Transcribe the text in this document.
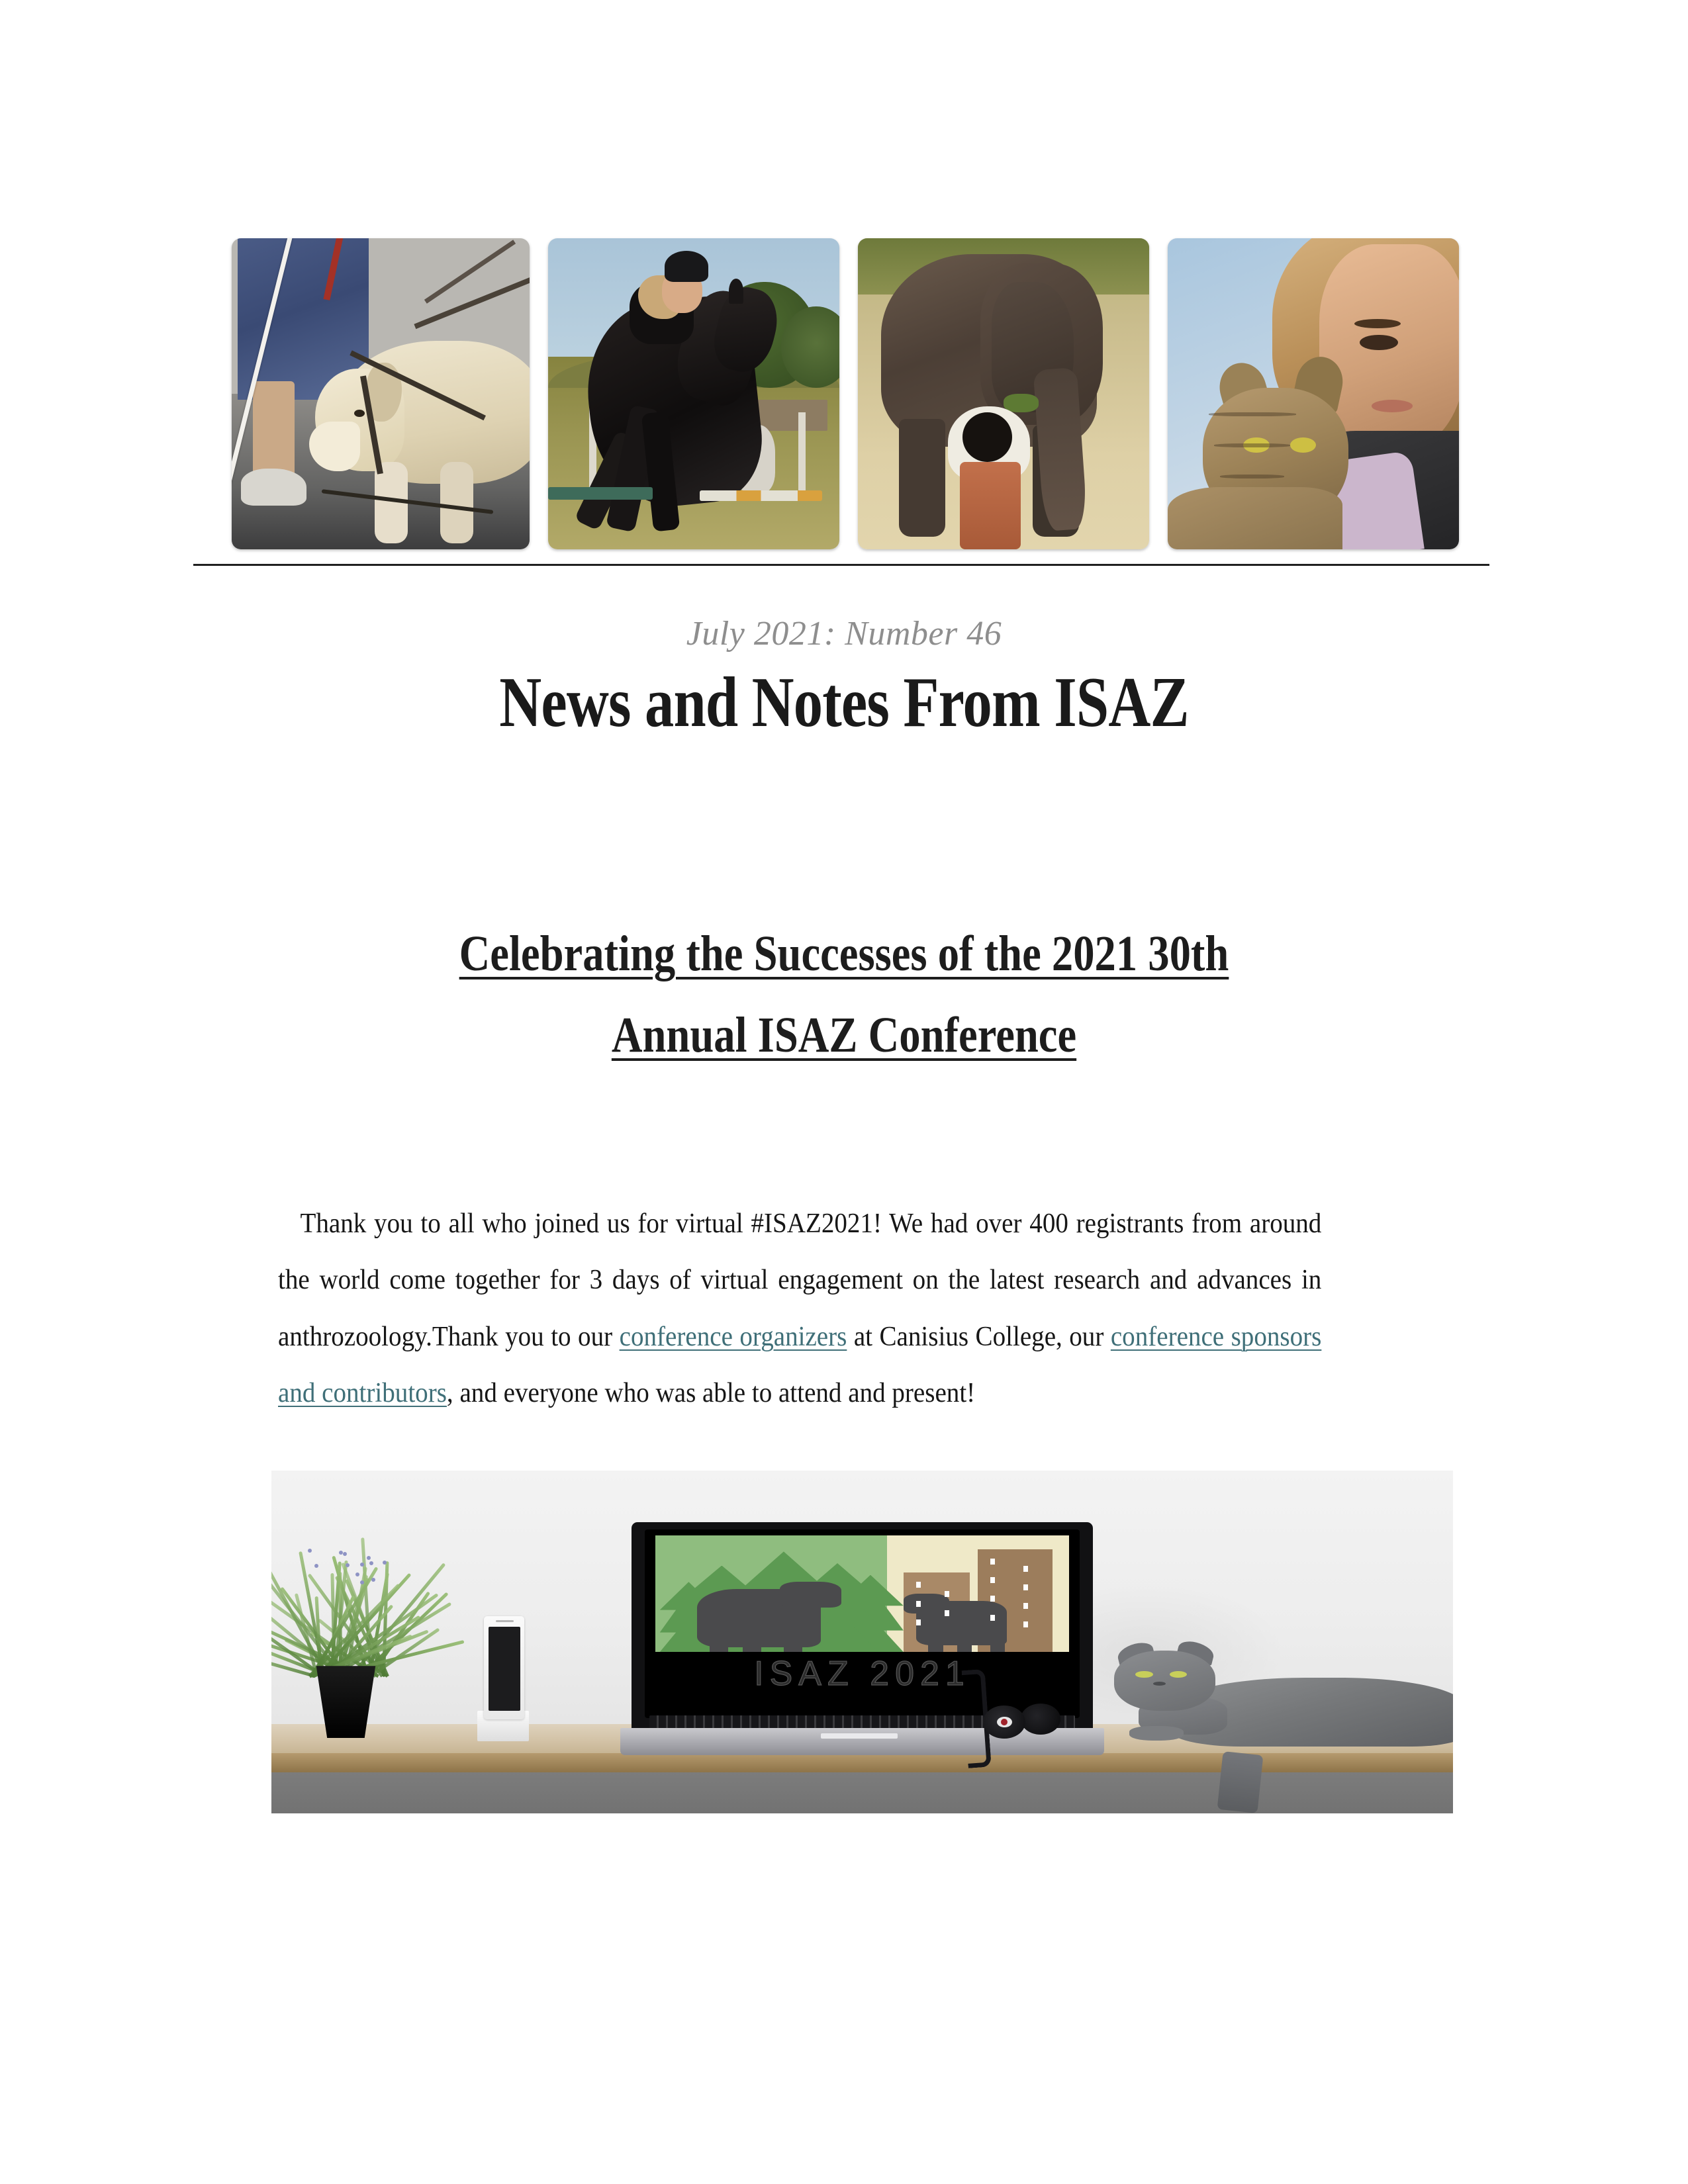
July 2021: Number 46
News and Notes From ISAZ
Celebrating the Successes of the 2021 30th
Annual ISAZ Conference

Thank you to all who joined us for virtual #ISAZ2021! We had over 400 registrants from around the world come together for 3 days of virtual engagement on the latest research and advances in anthrozoology.Thank you to our conference organizers at Canisius College, our conference sponsors and contributors, and everyone who was able to attend and present!

ISAZ 2021
